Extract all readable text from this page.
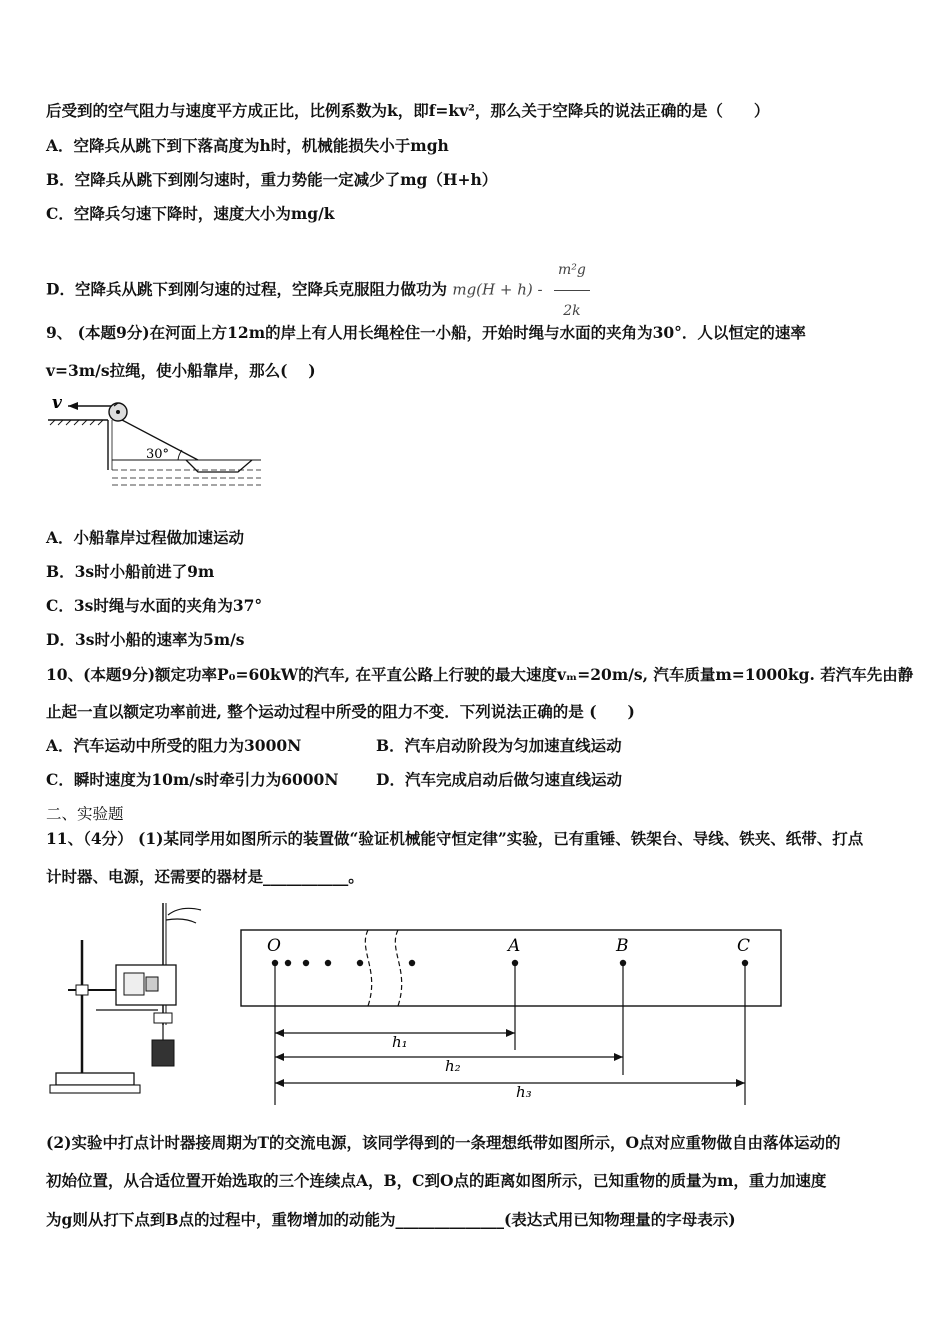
后受到的空气阻力与速度平方成正比，比例系数为k，即f=kv²，那么关于空降兵的说法正确的是（　　）
A．空降兵从跳下到下落高度为h时，机械能损失小于mgh
B．空降兵从跳下到刚匀速时，重力势能一定减少了mg（H+h）
C．空降兵匀速下降时，速度大小为mg/k
D．空降兵从跳下到刚匀速的过程，空降兵克服阻力做功为 $mg(H + h) - \frac{\text{m²g}}{2k}$
9、 (本题9分)在河面上方12m的岸上有人用长绳栓住一小船，开始时绳与水面的夹角为30°．人以恒定的速率
v=3m/s拉绳，使小船靠岸，那么(　 )
v
30°
A．小船靠岸过程做加速运动
B．3s时小船前进了9m
C．3s时绳与水面的夹角为37°
D．3s时小船的速率为5m/s
10、(本题9分)额定功率P₀=60kW的汽车, 在平直公路上行驶的最大速度vₘ=20m/s, 汽车质量m=1000kg. 若汽车先由静
止起一直以额定功率前进, 整个运动过程中所受的阻力不变．下列说法正确的是 (　　)
A．汽车运动中所受的阻力为3000N	B．汽车启动阶段为匀加速直线运动
C．瞬时速度为10m/s时牵引力为6000N D．汽车完成启动后做匀速直线运动
二、实验题
11、（4分） (1)某同学用如图所示的装置做“验证机械能守恒定律”实验，已有重锤、铁架台、导线、铁夹、纸带、打点
计时器、电源，还需要的器材是___________。
O	A	B	C
h₁
h₂
h₃
(2)实验中打点计时器接周期为T的交流电源，该同学得到的一条理想纸带如图所示，O点对应重物做自由落体运动的
初始位置，从合适位置开始选取的三个连续点A，B，C到O点的距离如图所示，已知重物的质量为m，重力加速度
为g则从打下点到B点的过程中，重物增加的动能为______________(表达式用已知物理量的字母表示)
